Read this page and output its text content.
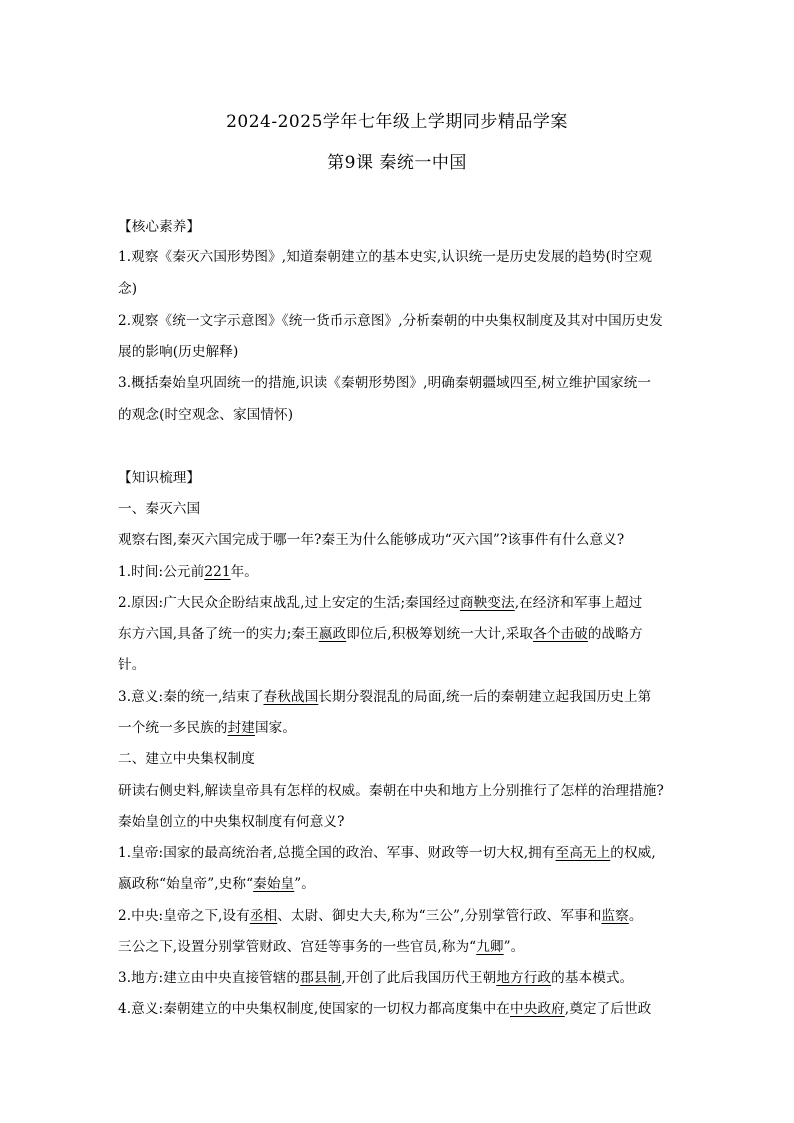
2024-2025学年七年级上学期同步精品学案
第9课 秦统一中国
【核心素养】
1.观察《秦灭六国形势图》,知道秦朝建立的基本史实,认识统一是历史发展的趋势(时空观
念)
2.观察《统一文字示意图》《统一货币示意图》,分析秦朝的中央集权制度及其对中国历史发
展的影响(历史解释)
3.概括秦始皇巩固统一的措施,识读《秦朝形势图》,明确秦朝疆域四至,树立维护国家统一
的观念(时空观念、家国情怀)
【知识梳理】
一、秦灭六国
观察右图,秦灭六国完成于哪一年?秦王为什么能够成功“灭六国”?该事件有什么意义?
1.时间:公元前221年。
2.原因:广大民众企盼结束战乱,过上安定的生活;秦国经过商鞅变法,在经济和军事上超过
东方六国,具备了统一的实力;秦王嬴政即位后,积极筹划统一大计,采取各个击破的战略方
针。
3.意义:秦的统一,结束了春秋战国长期分裂混乱的局面,统一后的秦朝建立起我国历史上第
一个统一多民族的封建国家。
二、建立中央集权制度
研读右侧史料,解读皇帝具有怎样的权威。秦朝在中央和地方上分别推行了怎样的治理措施?
秦始皇创立的中央集权制度有何意义?
1.皇帝:国家的最高统治者,总揽全国的政治、军事、财政等一切大权,拥有至高无上的权威,
嬴政称“始皇帝”,史称“秦始皇”。
2.中央:皇帝之下,设有丞相、太尉、御史大夫,称为“三公”,分别掌管行政、军事和监察。
三公之下,设置分别掌管财政、宫廷等事务的一些官员,称为“九卿”。
3.地方:建立由中央直接管辖的郡县制,开创了此后我国历代王朝地方行政的基本模式。
4.意义:秦朝建立的中央集权制度,使国家的一切权力都高度集中在中央政府,奠定了后世政
